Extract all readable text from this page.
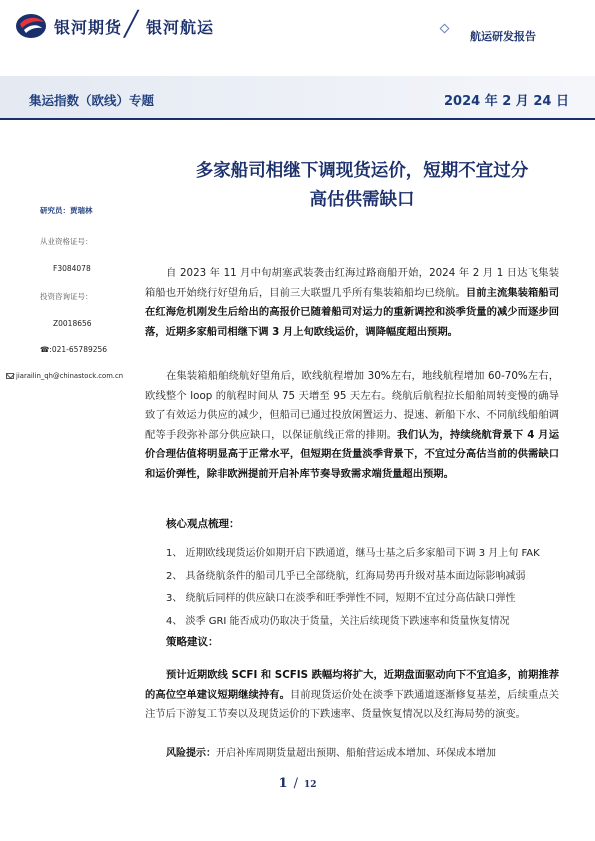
银河期货 ╱ 银河航运	航运研发报告
集运指数（欧线）专题	2024 年 2 月 24 日
多家船司相继下调现货运价，短期不宜过分
高估供需缺口
研究员：贾瑞林
从业资格证号：
F3084078
投资咨询证号：
Z0018656
☎:021-65789256
jiarailin_qh@chinastock.com.cn
自 2023 年 11 月中旬胡塞武装袭击红海过路商船开始，2024 年 2 月 1 日达飞集装箱船也开始绕行好望角后，目前三大联盟几乎所有集装箱船均已绕航。目前主流集装箱船司在红海危机刚发生后给出的高报价已随着船司对运力的重新调控和淡季货量的减少而逐步回落，近期多家船司相继下调 3 月上旬欧线运价，调降幅度超出预期。
在集装箱船舶绕航好望角后，欧线航程增加 30%左右，地线航程增加 60-70%左右，欧线整个 loop 的航程时间从 75 天增至 95 天左右。绕航后航程拉长船舶周转变慢的确导致了有效运力供应的减少，但船司已通过投放闲置运力、提速、新船下水、不同航线船舶调配等手段弥补部分供应缺口，以保证航线正常的排期。我们认为，持续绕航背景下 4 月运价合理估值将明显高于正常水平，但短期在货量淡季背景下，不宜过分高估当前的供需缺口和运价弹性，除非欧洲提前开启补库节奏导致需求端货量超出预期。
核心观点梳理：
1、 近期欧线现货运价如期开启下跌通道，继马士基之后多家船司下调 3 月上旬 FAK
2、 具备绕航条件的船司几乎已全部绕航，红海局势再升级对基本面边际影响减弱
3、 绕航后同样的供应缺口在淡季和旺季弹性不同，短期不宜过分高估缺口弹性
4、 淡季 GRI 能否成功仍取决于货量，关注后续现货下跌速率和货量恢复情况
策略建议：
预计近期欧线 SCFI 和 SCFIS 跌幅均将扩大，近期盘面驱动向下不宜追多，前期推荐的高位空单建议短期继续持有。目前现货运价处在淡季下跌通道逐渐修复基差，后续重点关注节后下游复工节奏以及现货运价的下跌速率、货量恢复情况以及红海局势的演变。
风险提示：开启补库周期货量超出预期、船舶营运成本增加、环保成本增加
1 / 12
